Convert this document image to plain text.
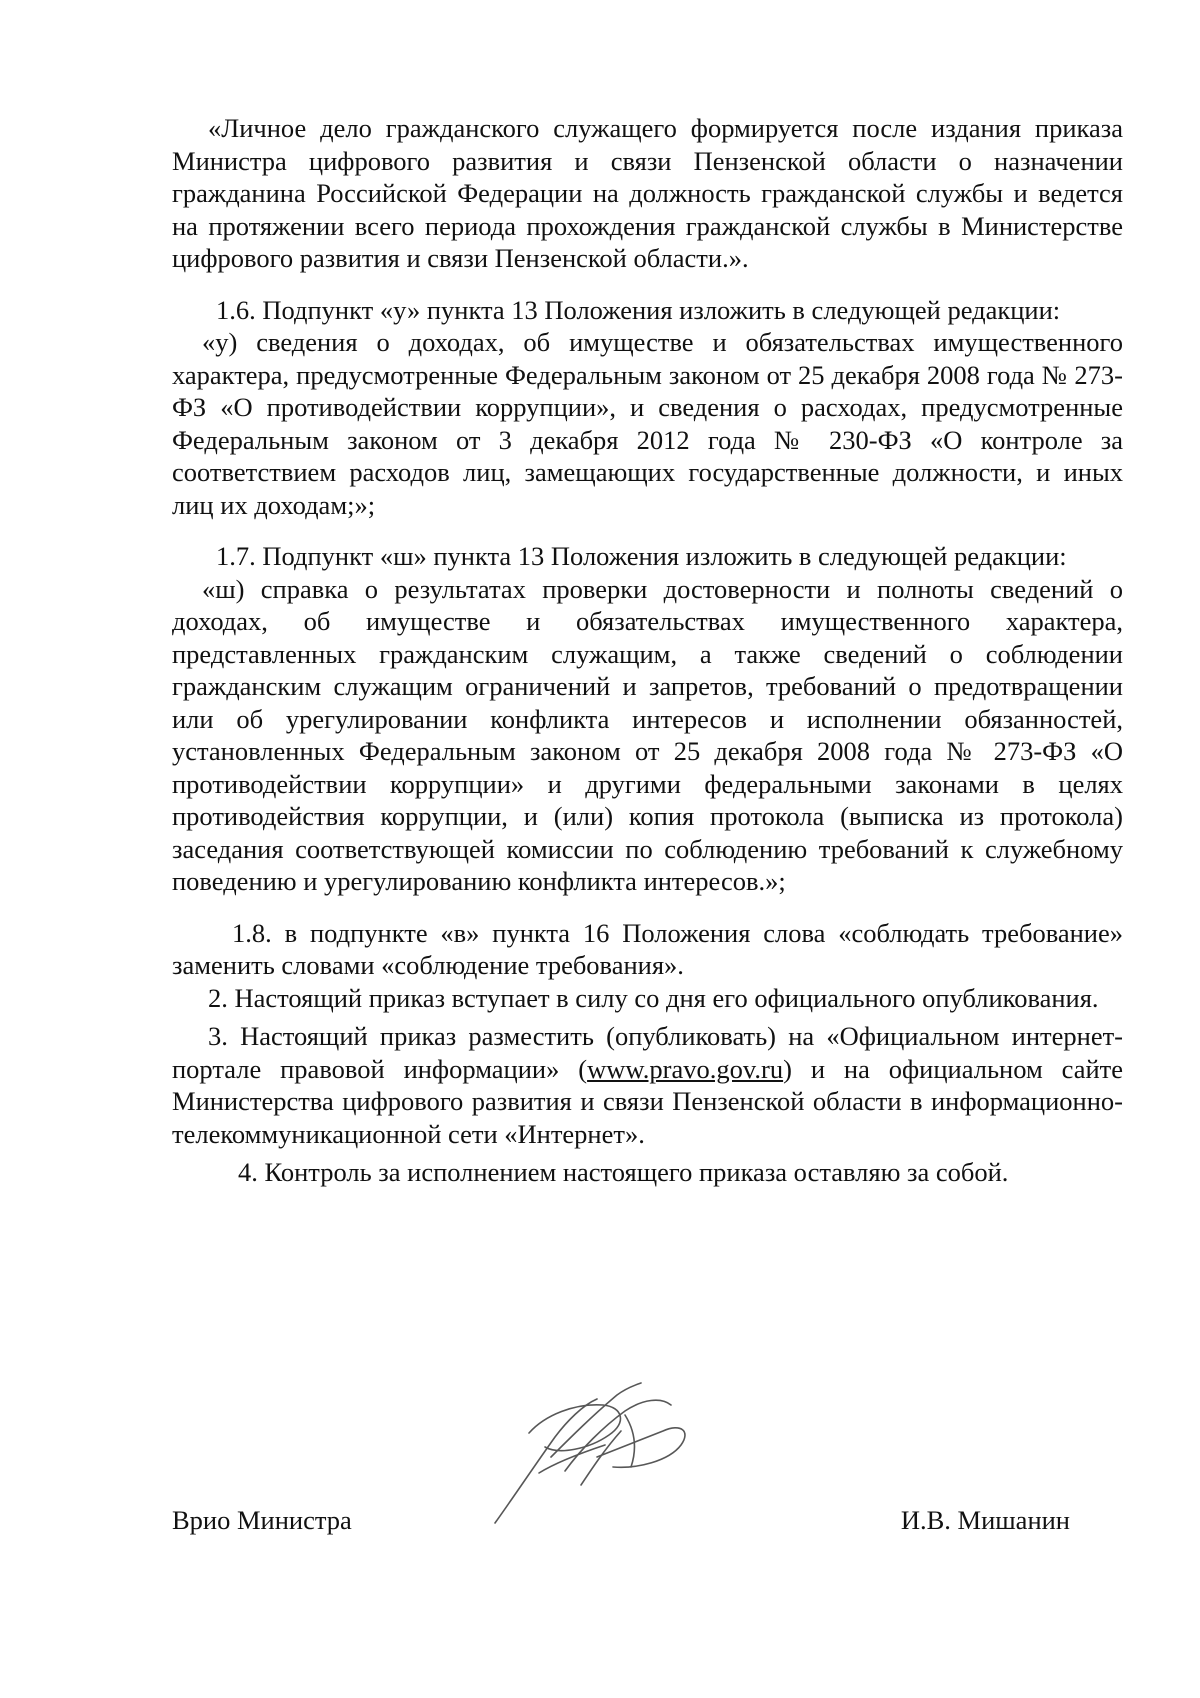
«Личное дело гражданского служащего формируется после издания приказа Министра цифрового развития и связи Пензенской области о назначении гражданина Российской Федерации на должность гражданской службы и ведется на протяжении всего периода прохождения гражданской службы в Министерстве цифрового развития и связи Пензенской области.».

1.6. Подпункт «у» пункта 13 Положения изложить в следующей редакции:

«у) сведения о доходах, об имуществе и обязательствах имущественного характера, предусмотренные Федеральным законом от 25 декабря 2008 года № 273-ФЗ «О противодействии коррупции», и сведения о расходах, предусмотренные Федеральным законом от 3 декабря 2012 года № 230-ФЗ «О контроле за соответствием расходов лиц, замещающих государственные должности, и иных лиц их доходам;»;

1.7. Подпункт «ш» пункта 13 Положения изложить в следующей редакции:

«ш) справка о результатах проверки достоверности и полноты сведений о доходах, об имуществе и обязательствах имущественного характера, представленных гражданским служащим, а также сведений о соблюдении гражданским служащим ограничений и запретов, требований о предотвращении или об урегулировании конфликта интересов и исполнении обязанностей, установленных Федеральным законом от 25 декабря 2008 года № 273-ФЗ «О противодействии коррупции» и другими федеральными законами в целях противодействия коррупции, и (или) копия протокола (выписка из протокола) заседания соответствующей комиссии по соблюдению требований к служебному поведению и урегулированию конфликта интересов.»;

1.8. в подпункте «в» пункта 16 Положения слова «соблюдать требование» заменить словами «соблюдение требования».

2. Настоящий приказ вступает в силу со дня его официального опубликования.

3. Настоящий приказ разместить (опубликовать) на «Официальном интернет-портале правовой информации» (www.pravo.gov.ru) и на официальном сайте Министерства цифрового развития и связи Пензенской области в информационно-телекоммуникационной сети «Интернет».

4. Контроль за исполнением настоящего приказа оставляю за собой.

Врио Министра	И.В. Мишанин
